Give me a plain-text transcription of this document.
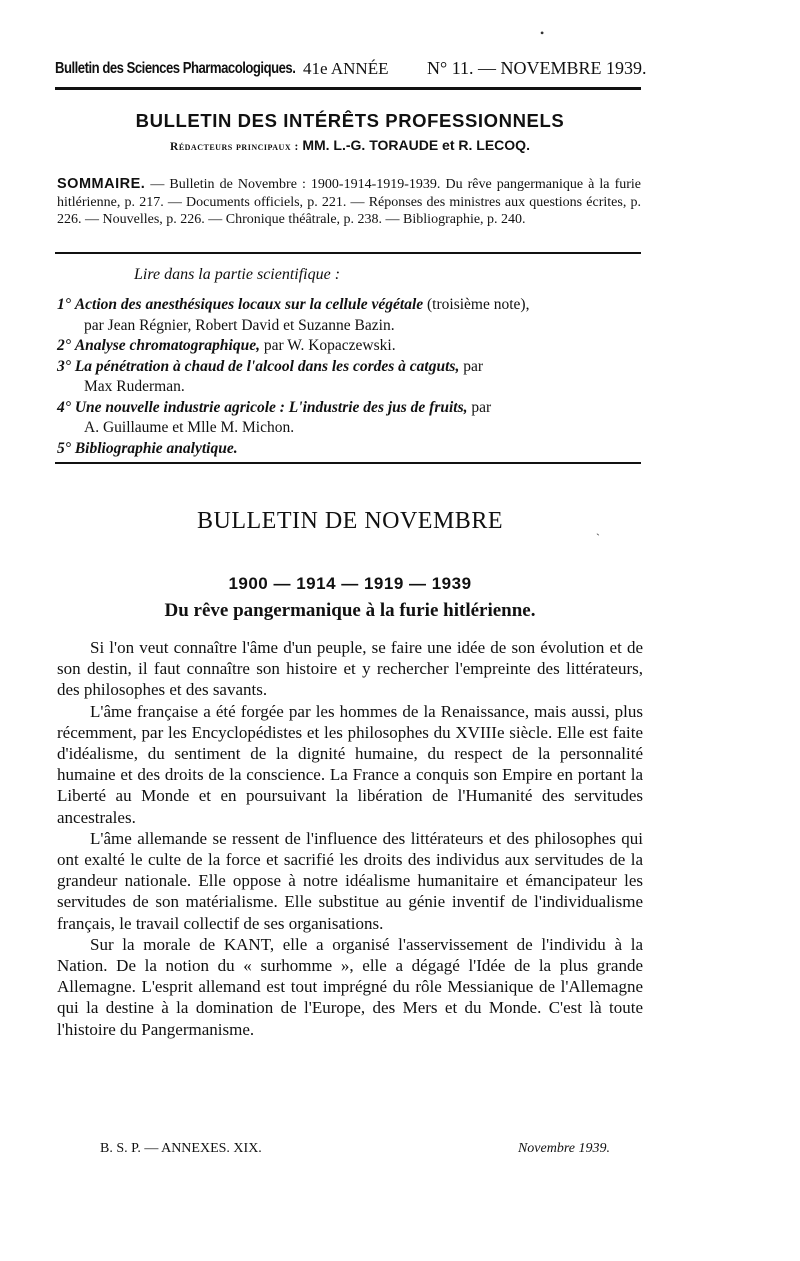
Bulletin des Sciences Pharmacologiques. 41e ANNÉE N° 11. — NOVEMBRE 1939.
BULLETIN DES INTÉRÊTS PROFESSIONNELS
Rédacteurs principaux : MM. L.-G. TORAUDE et R. LECOQ.
SOMMAIRE. — Bulletin de Novembre : 1900-1914-1919-1939. Du rêve pangermanique à la furie hitlérienne, p. 217. — Documents officiels, p. 221. — Réponses des ministres aux questions écrites, p. 226. — Nouvelles, p. 226. — Chronique théâtrale, p. 238. — Bibliographie, p. 240.
Lire dans la partie scientifique :
1° Action des anesthésiques locaux sur la cellule végétale (troisième note),
par Jean Régnier, Robert David et Suzanne Bazin.
2° Analyse chromatographique, par W. Kopaczewski.
3° La pénétration à chaud de l'alcool dans les cordes à catguts, par
Max Ruderman.
4° Une nouvelle industrie agricole : L'industrie des jus de fruits, par
A. Guillaume et Mlle M. Michon.
5° Bibliographie analytique.
BULLETIN DE NOVEMBRE
1900 — 1914 — 1919 — 1939
Du rêve pangermanique à la furie hitlérienne.

Si l'on veut connaître l'âme d'un peuple, se faire une idée de son évolution et de son destin, il faut connaître son histoire et y rechercher l'empreinte des littérateurs, des philosophes et des savants.

L'âme française a été forgée par les hommes de la Renaissance, mais aussi, plus récemment, par les Encyclopédistes et les philosophes du XVIIIe siècle. Elle est faite d'idéalisme, du sentiment de la dignité humaine, du respect de la personnalité humaine et des droits de la conscience. La France a conquis son Empire en portant la Liberté au Monde et en poursuivant la libération de l'Humanité des servitudes ancestrales.

L'âme allemande se ressent de l'influence des littérateurs et des philosophes qui ont exalté le culte de la force et sacrifié les droits des individus aux servitudes de la grandeur nationale. Elle oppose à notre idéalisme humanitaire et émancipateur les servitudes de son matérialisme. Elle substitue au génie inventif de l'individualisme français, le travail collectif de ses organisations.

Sur la morale de KANT, elle a organisé l'asservissement de l'individu à la Nation. De la notion du « surhomme », elle a dégagé l'Idée de la plus grande Allemagne. L'esprit allemand est tout imprégné du rôle Messianique de l'Allemagne qui la destine à la domination de l'Europe, des Mers et du Monde. C'est là toute l'histoire du Pangermanisme.

B. S. P. — ANNEXES. XIX.	Novembre 1939.
•
ˎ
